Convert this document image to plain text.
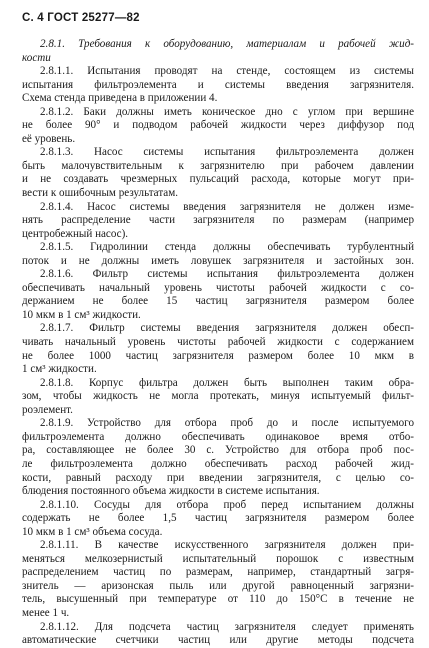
С. 4 ГОСТ 25277—82
2.8.1. Требования к оборудованию, материалам и рабочей жид-
кости
2.8.1.1. Испытания проводят на стенде, состоящем из системы
испытания фильтроэлемента и системы введения загрязнителя.
Схема стенда приведена в приложении 4.
2.8.1.2. Баки должны иметь коническое дно с углом при вершине
не более 90° и подводом рабочей жидкости через диффузор под
её уровень.
2.8.1.3. Насос системы испытания фильтроэлемента должен
быть малочувствительным к загрязнителю при рабочем давлении
и не создавать чрезмерных пульсаций расхода, которые могут при-
вести к ошибочным результатам.
2.8.1.4. Насос системы введения загрязнителя не должен изме-
нять распределение части загрязнителя по размерам (например
центробежный насос).
2.8.1.5. Гидролинии стенда должны обеспечивать турбулентный
поток и не должны иметь ловушек загрязнителя и застойных зон.
2.8.1.6. Фильтр системы испытания фильтроэлемента должен
обеспечивать начальный уровень чистоты рабочей жидкости с со-
держанием не более 15 частиц загрязнителя размером более
10 мкм в 1 см³ жидкости.
2.8.1.7. Фильтр системы введения загрязнителя должен обесп-
чивать начальный уровень чистоты рабочей жидкости с содержанием
не более 1000 частиц загрязнителя размером более 10 мкм в
1 см³ жидкости.
2.8.1.8. Корпус фильтра должен быть выполнен таким обра-
зом, чтобы жидкость не могла протекать, минуя испытуемый фильт-
роэлемент.
2.8.1.9. Устройство для отбора проб до и после испытуемого
фильтроэлемента должно обеспечивать одинаковое время отбо-
ра, составляющее не более 30 с. Устройство для отбора проб пос-
ле фильтроэлемента должно обеспечивать расход рабочей жид-
кости, равный расходу при введении загрязнителя, с целью со-
блюдения постоянного объема жидкости в системе испытания.
2.8.1.10. Сосуды для отбора проб перед испытанием должны
содержать не более 1,5 частиц загрязнителя размером более
10 мкм в 1 см³ объема сосуда.
2.8.1.11. В качестве искусственного загрязнителя должен при-
меняться мелкозернистый испытательный порошок с известным
распределением частиц по размерам, например, стандартный загря-
знитель — аризонская пыль или другой равноценный загрязни-
тель, высушенный при температуре от 110 до 150°С в течение не
менее 1 ч.
2.8.1.12. Для подсчета частиц загрязнителя следует применять
автоматические счетчики частиц или другие методы подсчета
